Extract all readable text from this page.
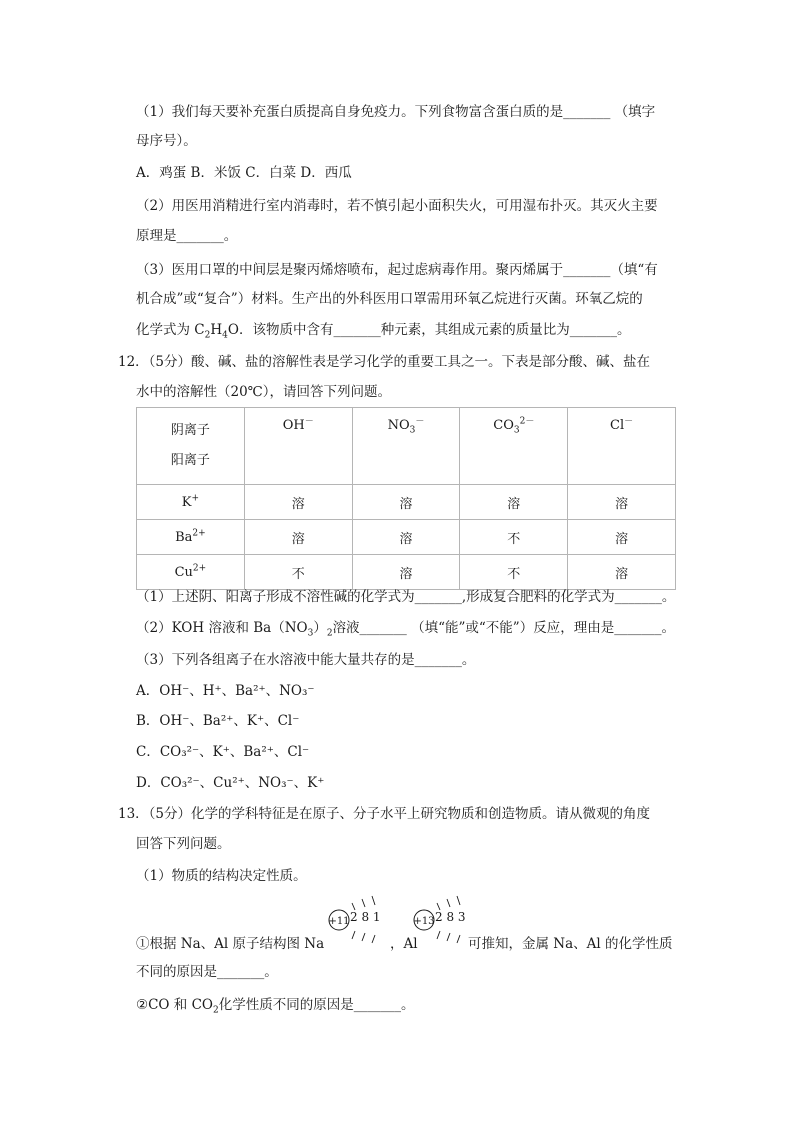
（1）我们每天要补充蛋白质提高自身免疫力。下列食物富含蛋白质的是_______ （填字
母序号）。
A．鸡蛋 B．米饭 C．白菜 D．西瓜
（2）用医用消精进行室内消毒时，若不慎引起小面积失火，可用湿布扑灭。其灭火主要
原理是_______。
（3）医用口罩的中间层是聚丙烯熔喷布，起过虑病毒作用。聚丙烯属于_______（填“有
机合成”或“复合”）材料。生产出的外科医用口罩需用环氧乙烷进行灭菌。环氧乙烷的
化学式为 $C_2H_4O$．该物质中含有_______种元素，其组成元素的质量比为_______。
12．（5分）酸、碱、盐的溶解性表是学习化学的重要工具之一。下表是部分酸、碱、盐在
水中的溶解性（20℃），请回答下列问题。
阴离子
阳离子	OH－	$NO_3^-$	$CO_3^{2-}$	Cl－
K+	溶	溶	溶	溶
$Ba^{2+}$	溶	溶	不	溶
$Cu^{2+}$	不	溶	不	溶
（1）上述阴、阳离子形成不溶性碱的化学式为_______,形成复合肥料的化学式为_______。
（2）KOH 溶液和 $Ba(NO_3)_2$溶液_______ （填“能”或“不能”）反应，理由是_______。
（3）下列各组离子在水溶液中能大量共存的是_______。
A．OH⁻、H⁺、Ba²⁺、NO₃⁻
B．OH⁻、Ba²⁺、K⁺、Cl⁻
C．CO₃²⁻、K⁺、Ba²⁺、Cl⁻
D．CO₃²⁻、Cu²⁺、NO₃⁻、K⁺
13．（5分）化学的学科特征是在原子、分子水平上研究物质和创造物质。请从微观的角度
回答下列问题。
（1）物质的结构决定性质。
+11 2 8 1	+13 2 8 3
①根据 Na、Al 原子结构图 Na	，Al	可推知，金属 Na、Al 的化学性质
不同的原因是_______。
②CO 和 $CO_2$化学性质不同的原因是_______。
